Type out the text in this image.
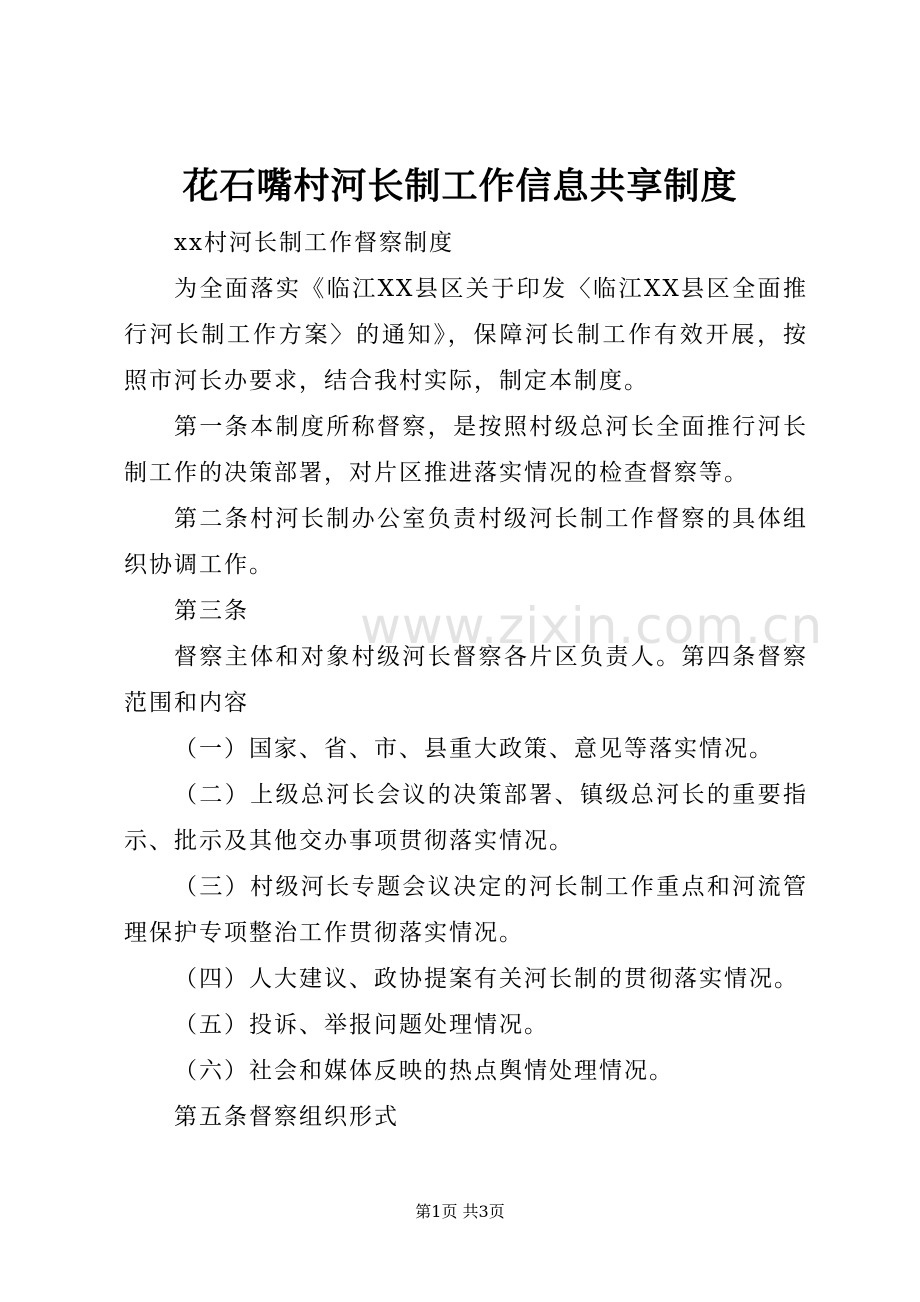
花石嘴村河长制工作信息共享制度
www.zixin.com.cn

xx村河长制工作督察制度

为全面落实《临江XX县区关于印发〈临江XX县区全面推行河长制工作方案〉的通知》，保障河长制工作有效开展，按照市河长办要求，结合我村实际，制定本制度。

第一条本制度所称督察，是按照村级总河长全面推行河长制工作的决策部署，对片区推进落实情况的检查督察等。

第二条村河长制办公室负责村级河长制工作督察的具体组织协调工作。

第三条

督察主体和对象村级河长督察各片区负责人。第四条督察范围和内容

（一）国家、省、市、县重大政策、意见等落实情况。

（二）上级总河长会议的决策部署、镇级总河长的重要指示、批示及其他交办事项贯彻落实情况。

（三）村级河长专题会议决定的河长制工作重点和河流管理保护专项整治工作贯彻落实情况。

（四）人大建议、政协提案有关河长制的贯彻落实情况。

（五）投诉、举报问题处理情况。

（六）社会和媒体反映的热点舆情处理情况。

第五条督察组织形式

第1页 共3页
